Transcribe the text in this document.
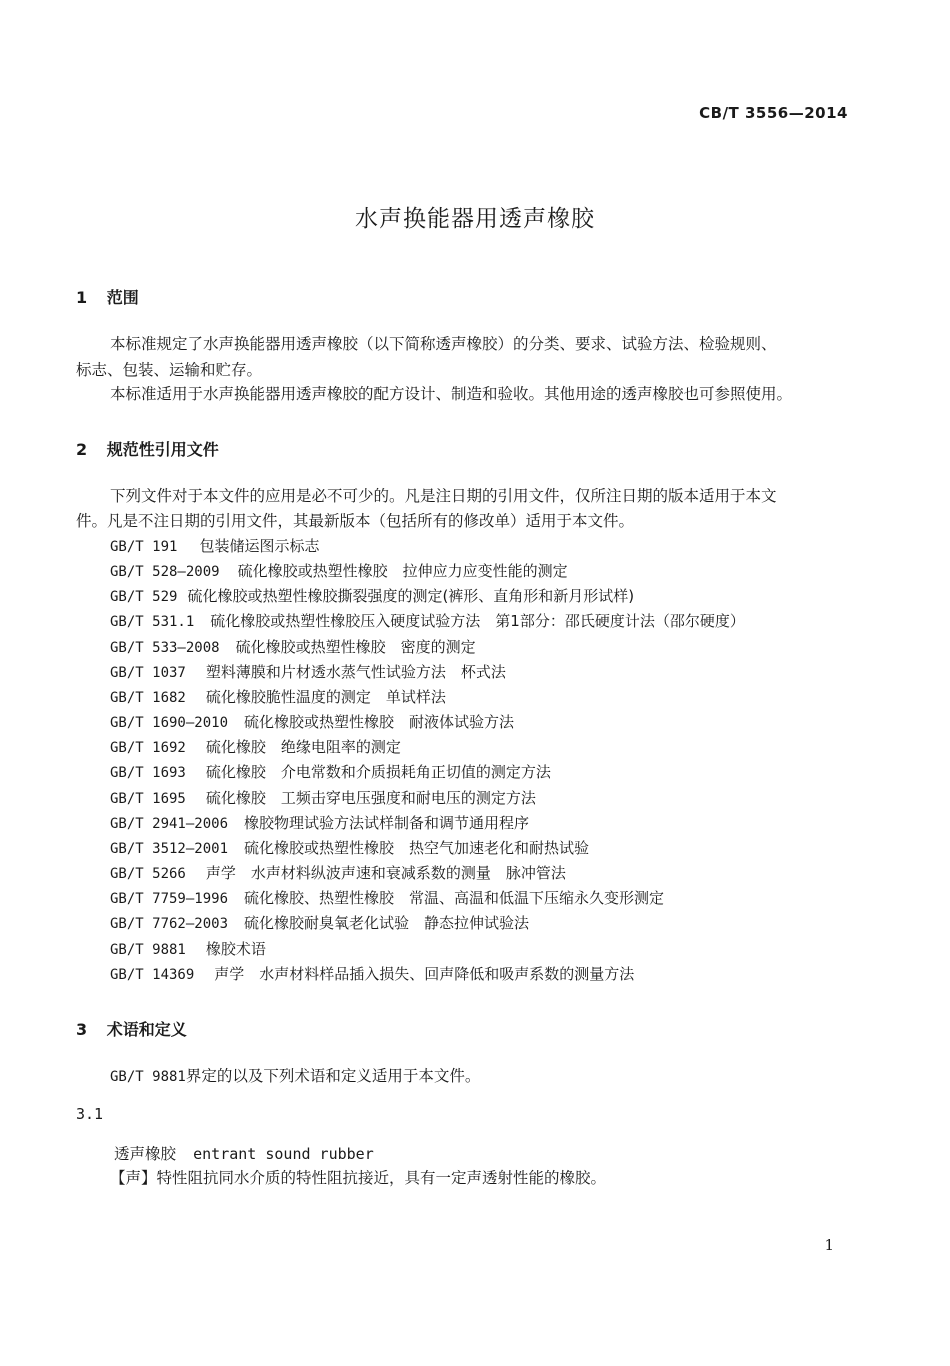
CB/T 3556—2014
水声换能器用透声橡胶
1 范围
本标准规定了水声换能器用透声橡胶（以下简称透声橡胶）的分类、要求、试验方法、检验规则、
标志、包装、运输和贮存。
本标准适用于水声换能器用透声橡胶的配方设计、制造和验收。其他用途的透声橡胶也可参照使用。
2 规范性引用文件
下列文件对于本文件的应用是必不可少的。凡是注日期的引用文件，仅所注日期的版本适用于本文
件。凡是不注日期的引用文件，其最新版本（包括所有的修改单）适用于本文件。
GB/T 191 包装储运图示标志
GB/T 528—2009 硫化橡胶或热塑性橡胶　拉伸应力应变性能的测定
GB/T 529 硫化橡胶或热塑性橡胶撕裂强度的测定(裤形、直角形和新月形试样)
GB/T 531.1 硫化橡胶或热塑性橡胶压入硬度试验方法　第1部分：邵氏硬度计法（邵尔硬度）
GB/T 533—2008 硫化橡胶或热塑性橡胶　密度的测定
GB/T 1037 塑料薄膜和片材透水蒸气性试验方法　杯式法
GB/T 1682 硫化橡胶脆性温度的测定　单试样法
GB/T 1690—2010 硫化橡胶或热塑性橡胶　耐液体试验方法
GB/T 1692 硫化橡胶　绝缘电阻率的测定
GB/T 1693 硫化橡胶　介电常数和介质损耗角正切值的测定方法
GB/T 1695 硫化橡胶　工频击穿电压强度和耐电压的测定方法
GB/T 2941—2006 橡胶物理试验方法试样制备和调节通用程序
GB/T 3512—2001 硫化橡胶或热塑性橡胶　热空气加速老化和耐热试验
GB/T 5266 声学　水声材料纵波声速和衰减系数的测量　脉冲管法
GB/T 7759—1996 硫化橡胶、热塑性橡胶　常温、高温和低温下压缩永久变形测定
GB/T 7762—2003 硫化橡胶耐臭氧老化试验　静态拉伸试验法
GB/T 9881 橡胶术语
GB/T 14369 声学　水声材料样品插入损失、回声降低和吸声系数的测量方法
3 术语和定义
GB/T 9881界定的以及下列术语和定义适用于本文件。
3.1
透声橡胶 entrant sound rubber
【声】特性阻抗同水介质的特性阻抗接近，具有一定声透射性能的橡胶。
1
